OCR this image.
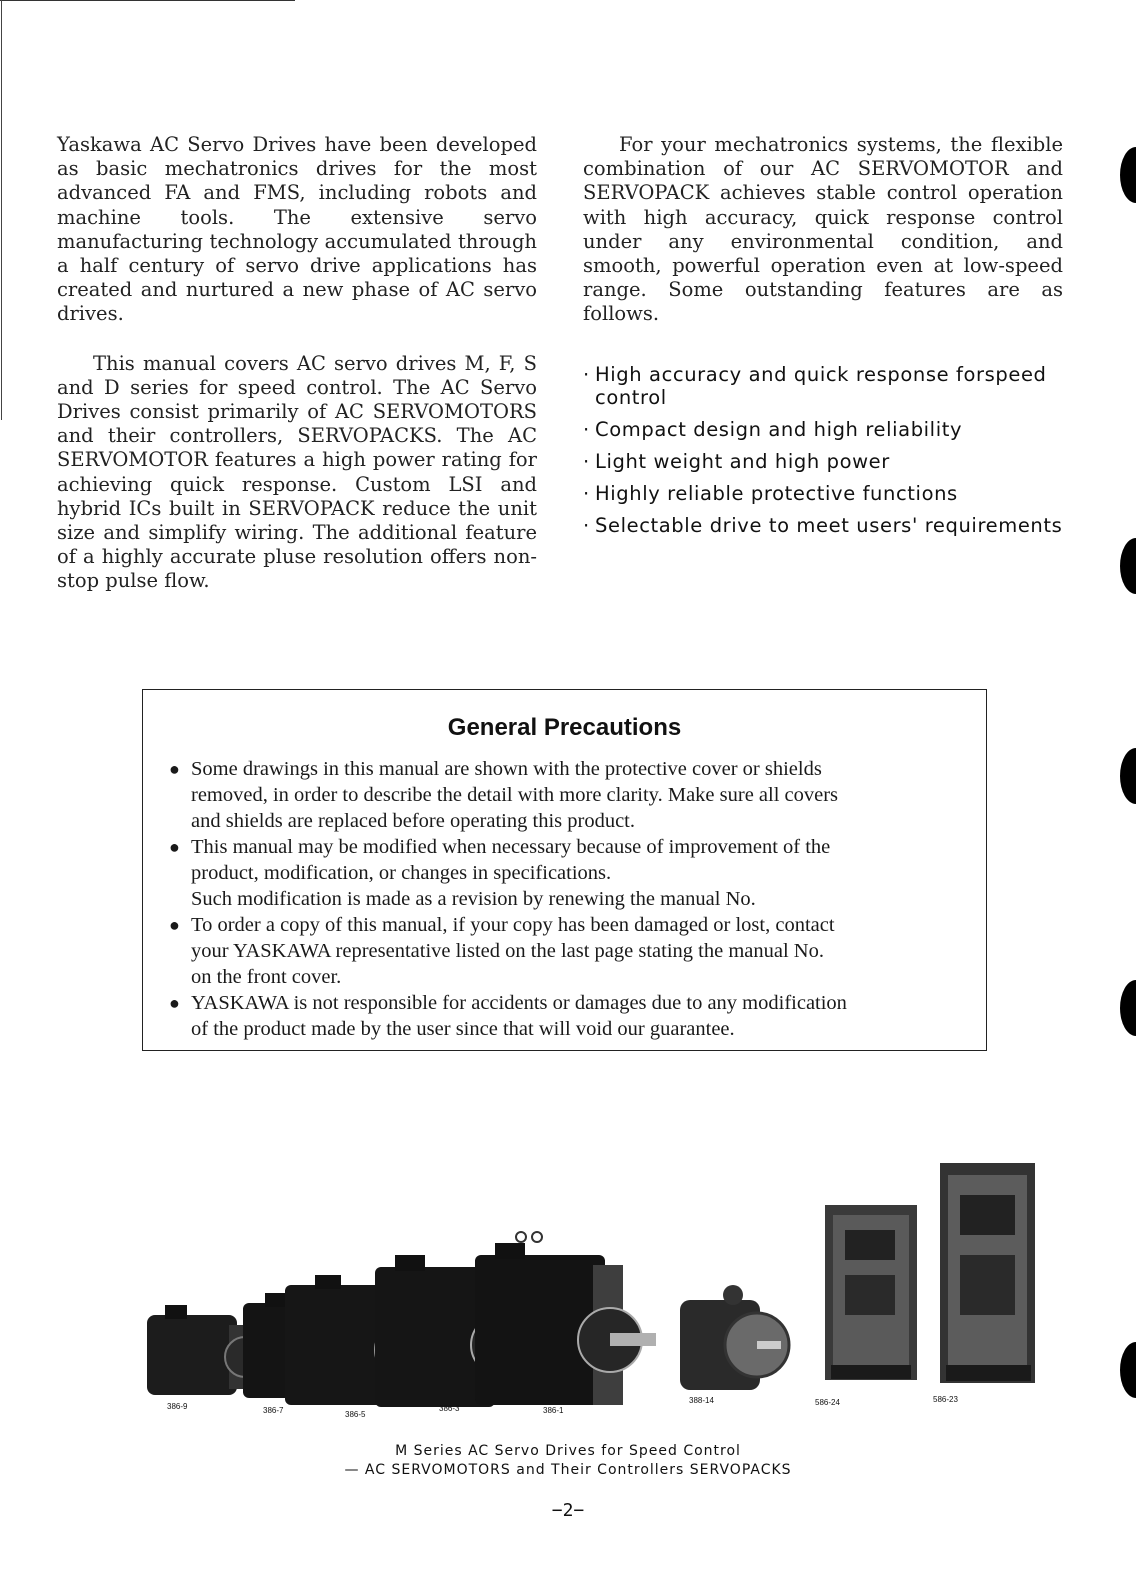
Yaskawa AC Servo Drives have been developed as basic mechatronics drives for the most advanced FA and FMS, including robots and machine tools. The extensive servo manufacturing technology accumulated through a half century of servo drive applications has created and nurtured a new phase of AC servo drives.

This manual covers AC servo drives M, F, S and D series for speed control. The AC Servo Drives consist primarily of AC SERVOMOTORS and their controllers, SERVOPACKS. The AC SERVOMOTOR features a high power rating for achieving quick response. Custom LSI and hybrid ICs built in SERVOPACK reduce the unit size and simplify wiring. The additional feature of a highly accurate pluse resolution offers non-stop pulse flow.

For your mechatronics systems, the flexible combination of our AC SERVOMOTOR and SERVOPACK achieves stable control operation with high accuracy, quick response control under any environmental condition, and smooth, powerful operation even at low-speed range. Some outstanding features are as follows.

· High accuracy and quick response forspeed control
· Compact design and high reliability
· Light weight and high power
· Highly reliable protective functions
· Selectable drive to meet users' requirements
General Precautions
● Some drawings in this manual are shown with the protective cover or shields
removed, in order to describe the detail with more clarity. Make sure all covers
and shields are replaced before operating this product.
● This manual may be modified when necessary because of improvement of the
product, modification, or changes in specifications.
Such modification is made as a revision by renewing the manual No.
● To order a copy of this manual, if your copy has been damaged or lost, contact
your YASKAWA representative listed on the last page stating the manual No.
on the front cover.
● YASKAWA is not responsible for accidents or damages due to any modification
of the product made by the user since that will void our guarantee.
386-9	386-7	386-5
386-3	386-1
388-14	586-24	586-23
M Series AC Servo Drives for Speed Control
— AC SERVOMOTORS and Their Controllers SERVOPACKS
−2−
